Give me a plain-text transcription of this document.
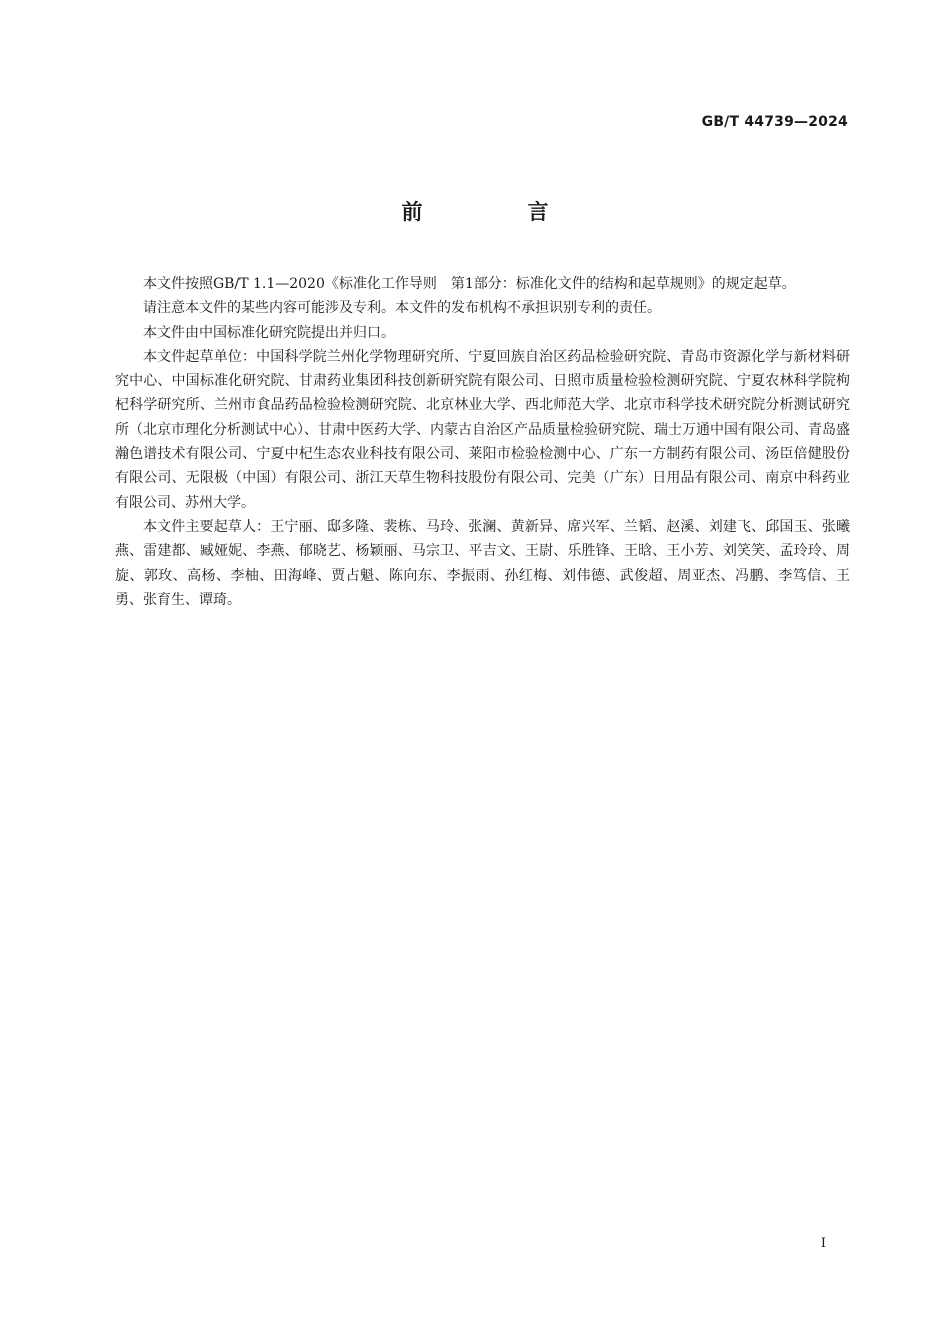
GB/T 44739—2024
前　言

本文件按照GB/T 1.1—2020《标准化工作导则　第1部分：标准化文件的结构和起草规则》的规定起草。

请注意本文件的某些内容可能涉及专利。本文件的发布机构不承担识别专利的责任。

本文件由中国标准化研究院提出并归口。

本文件起草单位：中国科学院兰州化学物理研究所、宁夏回族自治区药品检验研究院、青岛市资源化学与新材料研究中心、中国标准化研究院、甘肃药业集团科技创新研究院有限公司、日照市质量检验检测研究院、宁夏农林科学院枸杞科学研究所、兰州市食品药品检验检测研究院、北京林业大学、西北师范大学、北京市科学技术研究院分析测试研究所（北京市理化分析测试中心）、甘肃中医药大学、内蒙古自治区产品质量检验研究院、瑞士万通中国有限公司、青岛盛瀚色谱技术有限公司、宁夏中杞生态农业科技有限公司、莱阳市检验检测中心、广东一方制药有限公司、汤臣倍健股份有限公司、无限极（中国）有限公司、浙江天草生物科技股份有限公司、完美（广东）日用品有限公司、南京中科药业有限公司、苏州大学。

本文件主要起草人：王宁丽、邸多隆、裴栋、马玲、张澜、黄新异、席兴军、兰韬、赵溪、刘建飞、邱国玉、张曦燕、雷建都、臧娅妮、李燕、郁晓艺、杨颖丽、马宗卫、平吉文、王尉、乐胜锋、王晗、王小芳、刘笑笑、孟玲玲、周旋、郭玫、高杨、李柚、田海峰、贾占魁、陈向东、李振雨、孙红梅、刘伟德、武俊超、周亚杰、冯鹏、李笃信、王勇、张育生、谭琦。

I
